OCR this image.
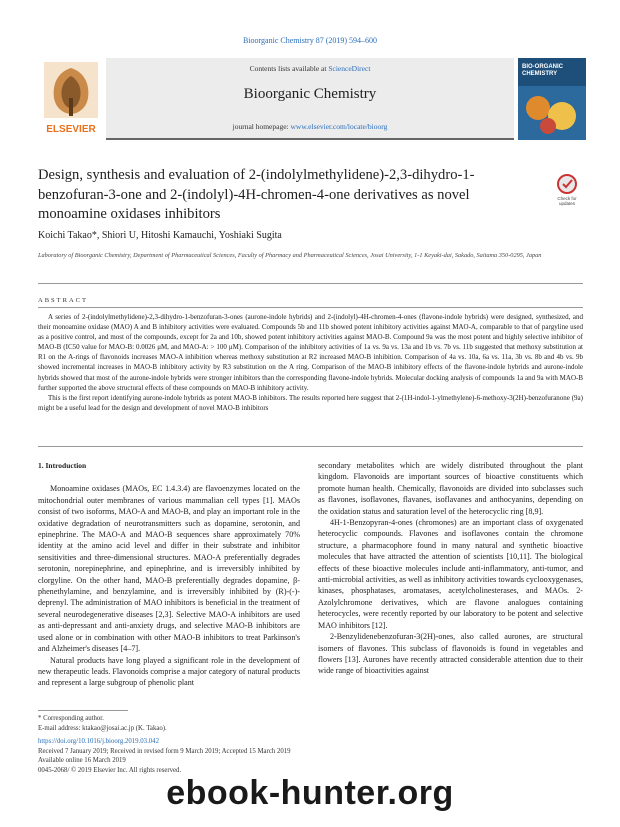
Bioorganic Chemistry 87 (2019) 594–600
ELSEVIER
Contents lists available at ScienceDirect
Bioorganic Chemistry
journal homepage: www.elsevier.com/locate/bioorg
BIO-ORGANIC CHEMISTRY
Design, synthesis and evaluation of 2-(indolylmethylidene)-2,3-dihydro-1-benzofuran-3-one and 2-(indolyl)-4H-chromen-4-one derivatives as novel monoamine oxidases inhibitors
Check for
updates
Koichi Takao*, Shiori U, Hitoshi Kamauchi, Yoshiaki Sugita
Laboratory of Bioorganic Chemistry, Department of Pharmaceutical Sciences, Faculty of Pharmacy and Pharmaceutical Sciences, Josai University, 1-1 Keyaki-dai, Sakado, Saitama 350-0295, Japan
ABSTRACT

A series of 2-(indolylmethylidene)-2,3-dihydro-1-benzofuran-3-ones (aurone-indole hybrids) and 2-(indolyl)-4H-chromen-4-ones (flavone-indole hybrids) were designed, synthesized, and their monoamine oxidase (MAO) A and B inhibitory activities were evaluated. Compounds 5b and 11b showed potent inhibitory activities against MAO-A, comparable to that of pargyline used as a positive control, and most of the compounds, except for 2a and 10b, showed potent inhibitory activities against MAO-B. Compound 9a was the most potent and highly selective inhibitor of MAO-B (IC50 value for MAO-B: 0.0026 μM, and MAO-A: > 100 μM). Comparison of the inhibitory activities of 1a vs. 9a vs. 13a and 1b vs. 7b vs. 11b suggested that methoxy substitution at R1 on the A-rings of flavonoids increases MAO-A inhibition whereas methoxy substitution at R2 increased MAO-B inhibition. Comparison of 4a vs. 10a, 6a vs. 11a, 3b vs. 8b and 4b vs. 9b showed incremental increases in MAO-B inhibitory activity by R3 substitution on the A ring. Comparison of the MAO-B inhibitory effects of the flavone-indole hybrids and aurone-indole hybrids showed that most of the aurone-indole hybrids were stronger inhibitors than the corresponding flavone-indole hybrids. Molecular docking analysis of compounds 1a and 9a with MAO-B further supported the above structural effects of these compounds on MAO-B inhibitory activity.

This is the first report identifying aurone-indole hybrids as potent MAO-B inhibitors. The results reported here suggest that 2-(1H-indol-1-ylmethylene)-6-methoxy-3(2H)-benzofuranone (9a) might be a useful lead for the design and development of novel MAO-B inhibitors

1. Introduction

Monoamine oxidases (MAOs, EC 1.4.3.4) are flavoenzymes located on the mitochondrial outer membranes of various mammalian cell types [1]. MAOs consist of two isoforms, MAO-A and MAO-B, and play an important role in the oxidative degradation of neurotransmitters such as dopamine, serotonin, and epinephrine. The MAO-A and MAO-B sequences share approximately 70% identity at the amino acid level and differ in their substrate and inhibitor sensitivities and three-dimensional structures. MAO-A preferentially degrades serotonin, norepinephrine, and epinephrine, and is irreversibly inhibited by clorgyline. On the other hand, MAO-B preferentially degrades dopamine, β-phenethylamine, and benzylamine, and is irreversibly inhibited by (R)-(-)-deprenyl. The administration of MAO inhibitors is beneficial in the treatment of several neurodegenerative diseases [2,3]. Selective MAO-A inhibitors are used as anti-depressant and anti-anxiety drugs, and selective MAO-B inhibitors are used alone or in combination with other MAO-B inhibitors to treat Parkinson's and Alzheimer's diseases [4–7].

Natural products have long played a significant role in the development of new therapeutic leads. Flavonoids comprise a major category of natural products and represent a large subgroup of phenolic plant

secondary metabolites which are widely distributed throughout the plant kingdom. Flavonoids are important sources of bioactive constituents which promote human health. Chemically, flavonoids are divided into subclasses such as flavones, isoflavones, flavanes, isoflavanes and anthocyanins, depending on the oxidation status and saturation level of the heterocyclic ring [8,9].

4H-1-Benzopyran-4-ones (chromones) are an important class of oxygenated heterocyclic compounds. Flavones and isoflavones contain the chromone structure, a pharmacophore found in many natural and synthetic bioactive molecules that have attracted the attention of scientists [10,11]. The biological effects of these bioactive molecules include anti-inflammatory, anti-tumor, and anti-microbial activities, as well as inhibitory activities towards cyclooxygenases, kinases, phosphatases, aromatases, acetylcholinesterases, and MAOs. 2-Azolylchromone derivatives, which are flavone analogues containing heterocycles, were recently reported by our laboratory to be potent and selective MAO inhibitors [12].

2-Benzylidenebenzofuran-3(2H)-ones, also called aurones, are structural isomers of flavones. This subclass of flavonoids is found in vegetables and flowers [13]. Aurones have recently attracted considerable attention due to their wide range of bioactivities against

* Corresponding author.
E-mail address: ktakao@josai.ac.jp (K. Takao).
https://doi.org/10.1016/j.bioorg.2019.03.042
Received 7 January 2019; Received in revised form 9 March 2019; Accepted 15 March 2019
Available online 16 March 2019
0045-2068/ © 2019 Elsevier Inc. All rights reserved.
ebook-hunter.org
